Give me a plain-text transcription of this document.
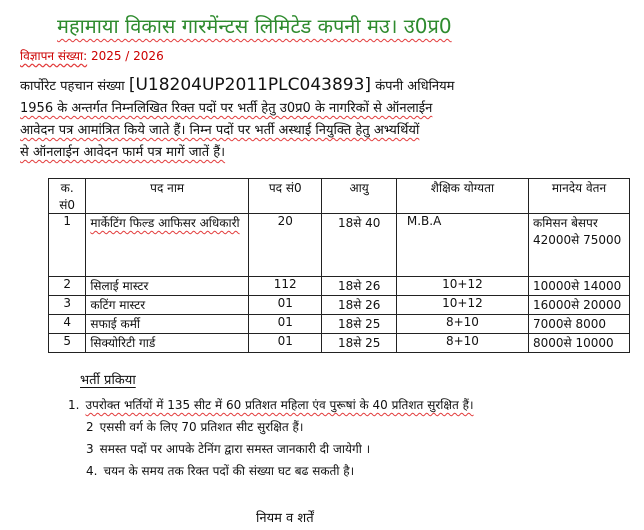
महामाया विकास गारमेंन्टस लिमिटेड कपनी मउ। उ0प्र0
विज्ञापन संख्या: 2025 / 2026
कार्पोरेट पहचान संख्या [U18204UP2011PLC043893] कंपनी अधिनियम
1956 के अन्तर्गत निम्नलिखित रिक्त पदों पर भर्ती हेतु उ0प्र0 के नागरिकों से ऑनलाईन
आवेदन पत्र आमांत्रित किये जाते हैं। निम्न पदों पर भर्ती अस्थाई नियुक्ति हेतु अभ्यर्थियों
से ऑनलाईन आवेदन फार्म पत्र मागें जातें हैं।
क. सं0	पद नाम	पद सं0	आयु	शैक्षिक योग्यता	मानदेय वेतन
1	मार्केटिंग फिल्ड आफिसर अधिकारी	20	18से 40	M.B.A	कमिसन बेसपर 42000से 75000
2	सिलाई मास्टर	112	18से 26	10+12	10000से 14000
3	कटिंग मास्टर	01	18से 26	10+12	16000से 20000
4	सफाई कर्मी	01	18से 25	8+10	7000से 8000
5	सिक्योरिटी गार्ड	01	18से 25	8+10	8000से 10000
भर्ती प्रकिया
1. उपरोक्त भर्तियों में 135 सीट में 60 प्रतिशत महिला एंव पुरूषां के 40 प्रतिशत सुरक्षित हैं।
2 एससी वर्ग के लिए 70 प्रतिशत सीट सुरक्षित हैं।
3 समस्त पदों पर आपके टेनिंग द्वारा समस्त जानकारी दी जायेगी ।
4. चयन के समय तक रिक्त पदों की संख्या घट बढ सकती है।
नियम व शर्तें
